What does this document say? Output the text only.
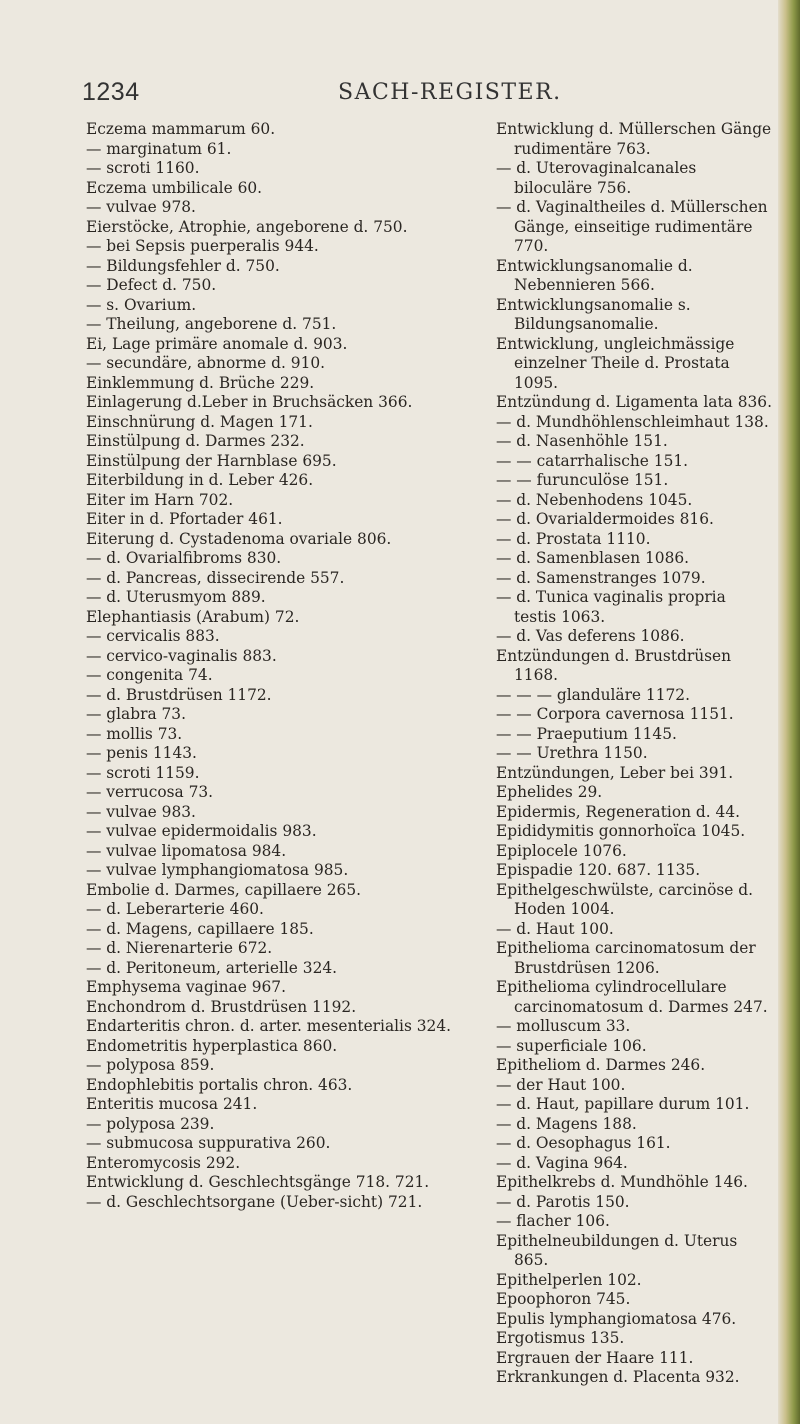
1234	SACH-REGISTER.

Eczema mammarum 60.

— marginatum 61.

— scroti 1160.

Eczema umbilicale 60.

— vulvae 978.

Eierstöcke, Atrophie, angeborene d. 750.

— bei Sepsis puerperalis 944.

— Bildungsfehler d. 750.

— Defect d. 750.

— s. Ovarium.

— Theilung, angeborene d. 751.

Ei, Lage primäre anomale d. 903.

— secundäre, abnorme d. 910.

Einklemmung d. Brüche 229.

Einlagerung d.Leber in Bruchsäcken 366.

Einschnürung d. Magen 171.

Einstülpung d. Darmes 232.

Einstülpung der Harnblase 695.

Eiterbildung in d. Leber 426.

Eiter im Harn 702.

Eiter in d. Pfortader 461.

Eiterung d. Cystadenoma ovariale 806.

— d. Ovarialfibroms 830.

— d. Pancreas, dissecirende 557.

— d. Uterusmyom 889.

Elephantiasis (Arabum) 72.

— cervicalis 883.

— cervico-vaginalis 883.

— congenita 74.

— d. Brustdrüsen 1172.

— glabra 73.

— mollis 73.

— penis 1143.

— scroti 1159.

— verrucosa 73.

— vulvae 983.

— vulvae epidermoidalis 983.

— vulvae lipomatosa 984.

— vulvae lymphangiomatosa 985.

Embolie d. Darmes, capillaere 265.

— d. Leberarterie 460.

— d. Magens, capillaere 185.

— d. Nierenarterie 672.

— d. Peritoneum, arterielle 324.

Emphysema vaginae 967.

Enchondrom d. Brustdrüsen 1192.

Endarteritis chron. d. arter. mesenterialis 324.

Endometritis hyperplastica 860.

— polyposa 859.

Endophlebitis portalis chron. 463.

Enteritis mucosa 241.

— polyposa 239.

— submucosa suppurativa 260.

Enteromycosis 292.

Entwicklung d. Geschlechtsgänge 718. 721.

— d. Geschlechtsorgane (Ueber-sicht) 721.

Entwicklung d. Müllerschen Gänge rudimentäre 763.

— d. Uterovaginalcanales biloculäre 756.

— d. Vaginaltheiles d. Müllerschen Gänge, einseitige rudimentäre 770.

Entwicklungsanomalie d. Nebennieren 566.

Entwicklungsanomalie s. Bildungsanomalie.

Entwicklung, ungleichmässige einzelner Theile d. Prostata 1095.

Entzündung d. Ligamenta lata 836.

— d. Mundhöhlenschleimhaut 138.

— d. Nasenhöhle 151.

— — catarrhalische 151.

— — furunculöse 151.

— d. Nebenhodens 1045.

— d. Ovarialdermoides 816.

— d. Prostata 1110.

— d. Samenblasen 1086.

— d. Samenstranges 1079.

— d. Tunica vaginalis propria testis 1063.

— d. Vas deferens 1086.

Entzündungen d. Brustdrüsen 1168.

— — — glanduläre 1172.

— — Corpora cavernosa 1151.

— — Praeputium 1145.

— — Urethra 1150.

Entzündungen, Leber bei 391.

Ephelides 29.

Epidermis, Regeneration d. 44.

Epididymitis gonnorhoïca 1045.

Epiplocele 1076.

Epispadie 120. 687. 1135.

Epithelgeschwülste, carcinöse d. Hoden 1004.

— d. Haut 100.

Epithelioma carcinomatosum der Brustdrüsen 1206.

Epithelioma cylindrocellulare carcinomatosum d. Darmes 247.

— molluscum 33.

— superficiale 106.

Epitheliom d. Darmes 246.

— der Haut 100.

— d. Haut, papillare durum 101.

— d. Magens 188.

— d. Oesophagus 161.

— d. Vagina 964.

Epithelkrebs d. Mundhöhle 146.

— d. Parotis 150.

— flacher 106.

Epithelneubildungen d. Uterus 865.

Epithelperlen 102.

Epoophoron 745.

Epulis lymphangiomatosa 476.

Ergotismus 135.

Ergrauen der Haare 111.

Erkrankungen d. Placenta 932.
